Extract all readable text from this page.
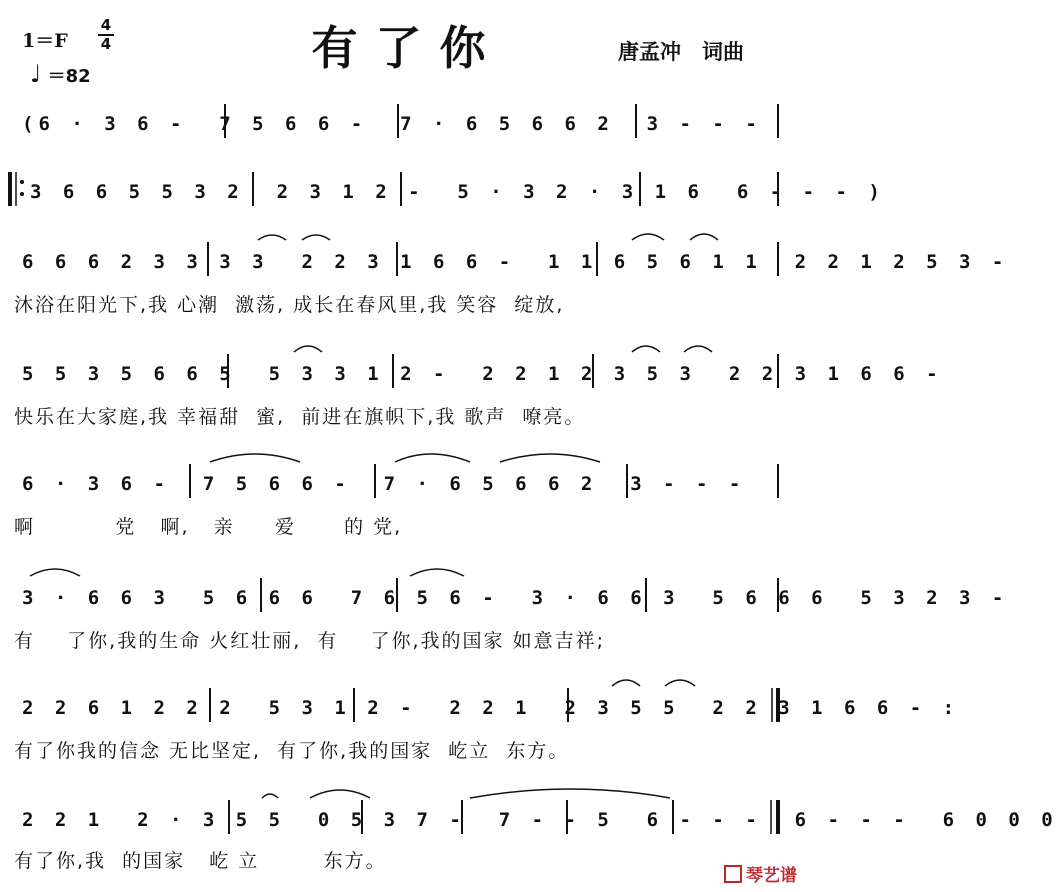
有了你
1＝F
4
4
♩ ＝82
唐孟冲　词曲
(6 · 3 6 -  7 5 6 6 -  7 · 6 5 6 6 2  3 - - -
3 6 6 5 5 3 2  2 3 1 2 -  5 · 3 2 · 3 1 6  6 - - - )
6 6 6 2 3 3 3 3  2 2 3 1 6 6 -  1 1 6 5 6 1 1  2 2 1 2 5 3 -
沐浴在阳光下,我 心潮  激荡, 成长在春风里,我 笑容  绽放,
5 5 3 5 6 6 5  5 3 3 1 2 -  2 2 1 2 3 5 3  2 2 3 1 6 6 -
快乐在大家庭,我 幸福甜  蜜,  前进在旗帜下,我 歌声  嘹亮。
6 · 3 6 -  7 5 6 6 -  7 · 6 5 6 6 2  3 - - -
啊          党   啊,   亲     爱      的 党,
3 · 6 6 3  5 6 6 6  7 6 5 6 -  3 · 6 6 3  5 6 6 6  5 3 2 3 -
有    了你,我的生命 火红壮丽,  有    了你,我的国家 如意吉祥;
2 2 6 1 2 2 2  5 3 1 2 -  2 2 1  2 3 5 5  2 2 3 1 6 6 - :
有了你我的信念 无比坚定,  有了你,我的国家  屹立  东方。
2 2 1  2 · 3 5 5  0 5 3 7 -  7 - - 5  6 - - -  6 - - -  6 0 0 0
有了你,我  的国家   屹 立        东方。
琴艺谱
